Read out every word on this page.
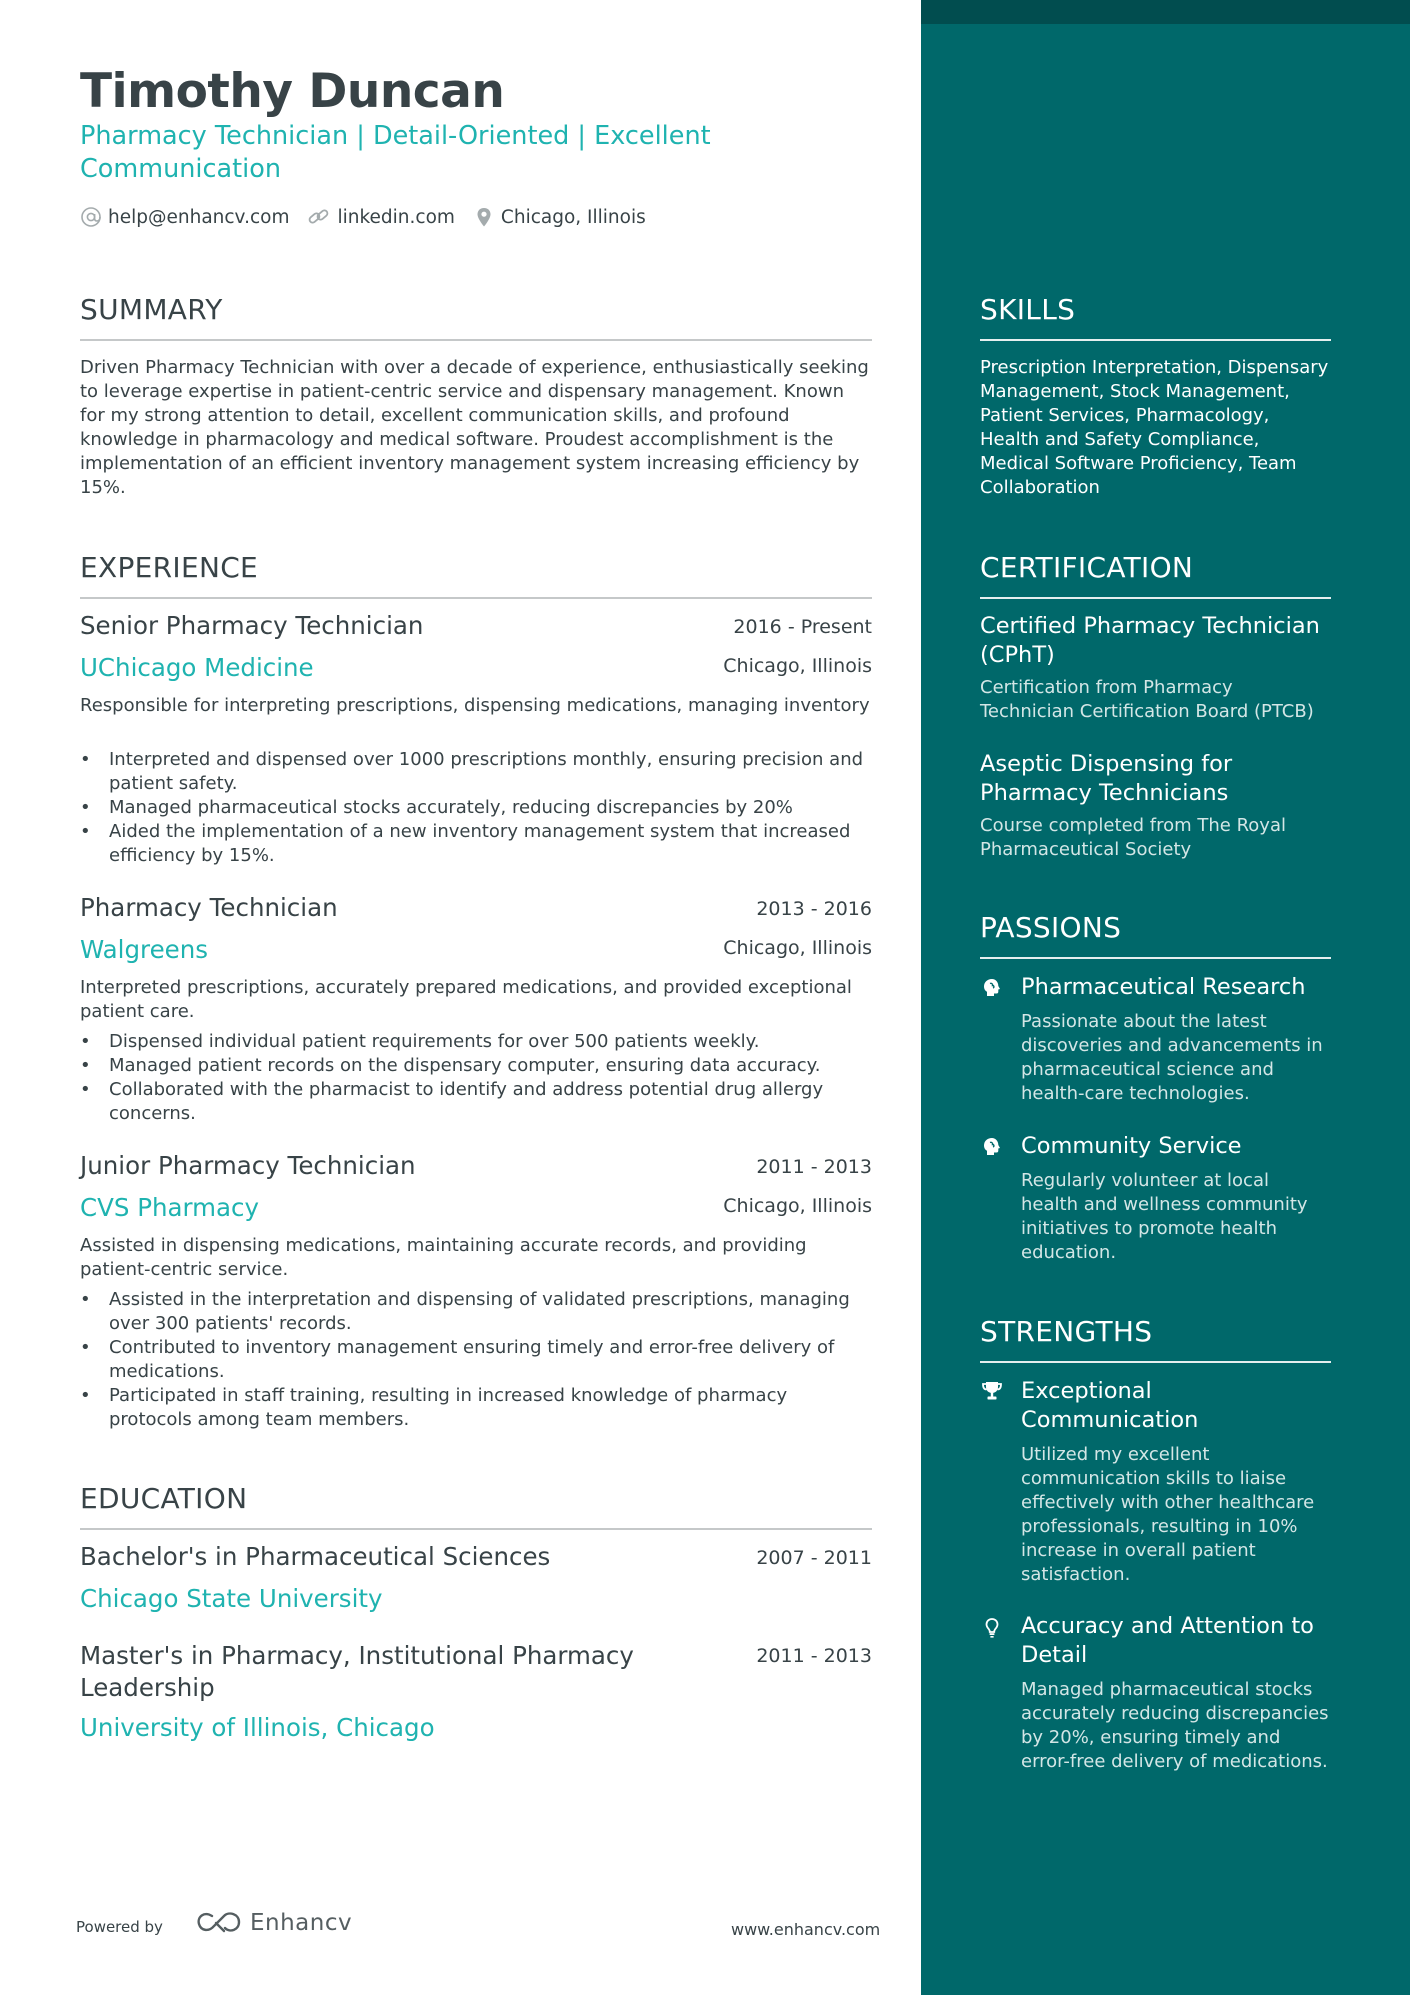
Timothy Duncan
Pharmacy Technician | Detail-Oriented | Excellent Communication
help@enhancv.com	linkedin.com Chicago, Illinois
SUMMARY
Driven Pharmacy Technician with over a decade of experience, enthusiastically seeking to leverage expertise in patient-centric service and dispensary management. Known for my strong attention to detail, excellent communication skills, and profound knowledge in pharmacology and medical software. Proudest accomplishment is the implementation of an efficient inventory management system increasing efficiency by 15%.
EXPERIENCE
Senior Pharmacy Technician	2016 - Present
UChicago Medicine	Chicago, Illinois
Responsible for interpreting prescriptions, dispensing medications, managing inventory
• Interpreted and dispensed over 1000 prescriptions monthly, ensuring precision and patient safety.
• Managed pharmaceutical stocks accurately, reducing discrepancies by 20%
• Aided the implementation of a new inventory management system that increased efficiency by 15%.
Pharmacy Technician	2013 - 2016
Walgreens	Chicago, Illinois
Interpreted prescriptions, accurately prepared medications, and provided exceptional patient care.
• Dispensed individual patient requirements for over 500 patients weekly.
• Managed patient records on the dispensary computer, ensuring data accuracy.
• Collaborated with the pharmacist to identify and address potential drug allergy concerns.
Junior Pharmacy Technician	2011 - 2013
CVS Pharmacy	Chicago, Illinois
Assisted in dispensing medications, maintaining accurate records, and providing patient-centric service.
• Assisted in the interpretation and dispensing of validated prescriptions, managing over 300 patients' records.
• Contributed to inventory management ensuring timely and error-free delivery of medications.
• Participated in staff training, resulting in increased knowledge of pharmacy protocols among team members.
EDUCATION
Bachelor's in Pharmaceutical Sciences	2007 - 2011
Chicago State University
Master's in Pharmacy, Institutional Pharmacy Leadership
2011 - 2013
University of Illinois, Chicago
Powered by	Enhancv	www.enhancv.com
SKILLS
Prescription Interpretation, Dispensary Management, Stock Management, Patient Services, Pharmacology, Health and Safety Compliance, Medical Software Proficiency, Team Collaboration
CERTIFICATION
Certified Pharmacy Technician (CPhT)
Certification from Pharmacy Technician Certification Board (PTCB)
Aseptic Dispensing for Pharmacy Technicians
Course completed from The Royal Pharmaceutical Society
PASSIONS
Pharmaceutical Research
Passionate about the latest discoveries and advancements in pharmaceutical science and health-care technologies.
Community Service
Regularly volunteer at local health and wellness community initiatives to promote health education.
STRENGTHS
Exceptional Communication
Utilized my excellent communication skills to liaise effectively with other healthcare professionals, resulting in 10% increase in overall patient satisfaction.
Accuracy and Attention to Detail
Managed pharmaceutical stocks accurately reducing discrepancies by 20%, ensuring timely and error-free delivery of medications.
